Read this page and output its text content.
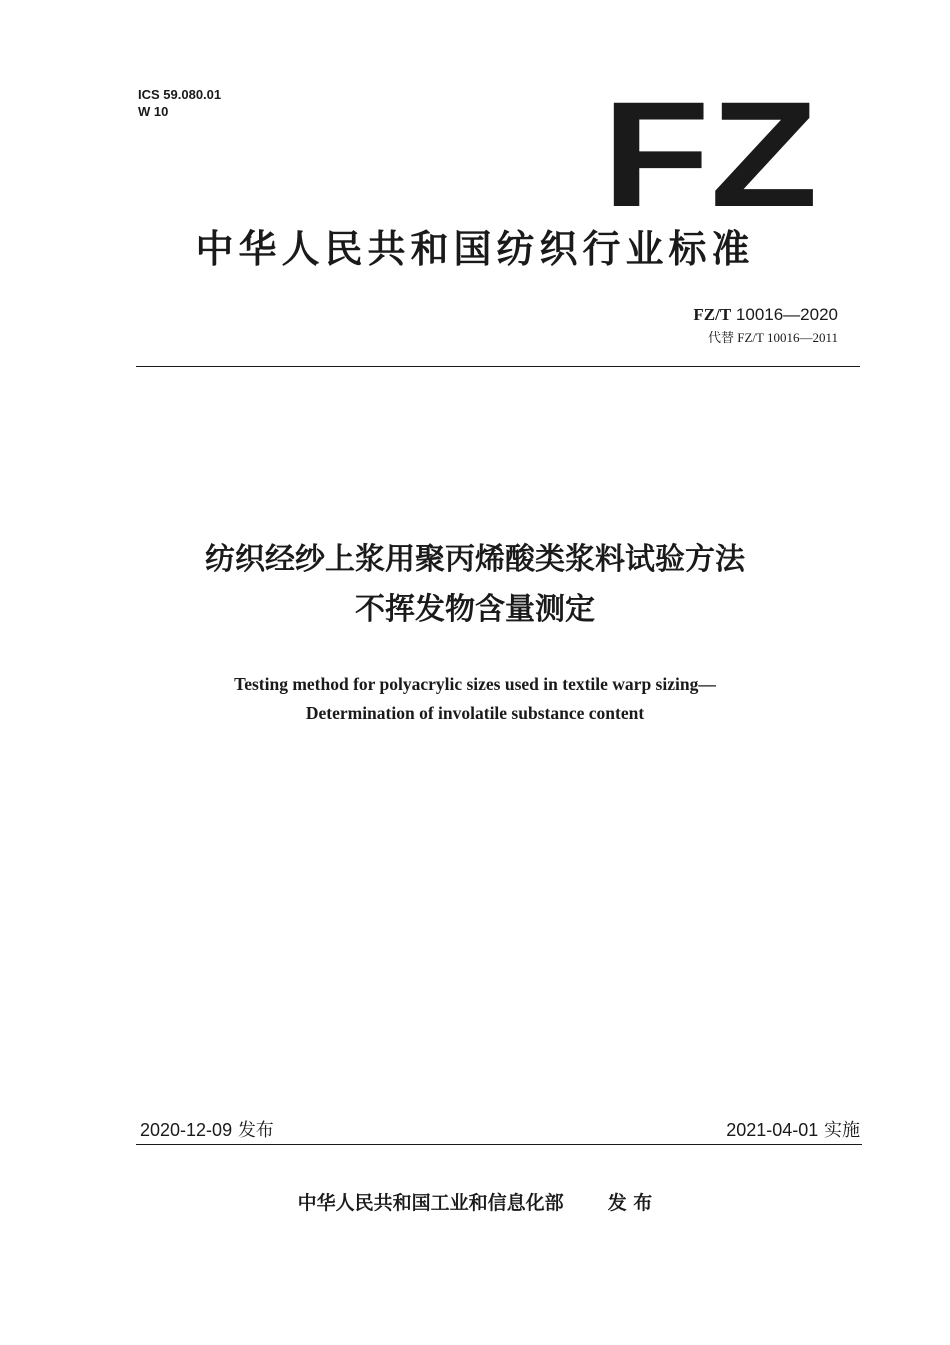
ICS 59.080.01
W 10	FZ
中华人民共和国纺织行业标准
FZ/T 10016—2020
代替 FZ/T 10016—2011
纺织经纱上浆用聚丙烯酸类浆料试验方法
不挥发物含量测定
Testing method for polyacrylic sizes used in textile warp sizing—
Determination of involatile substance content
2020-12-09 发布	2021-04-01 实施
中华人民共和国工业和信息化部 发 布
